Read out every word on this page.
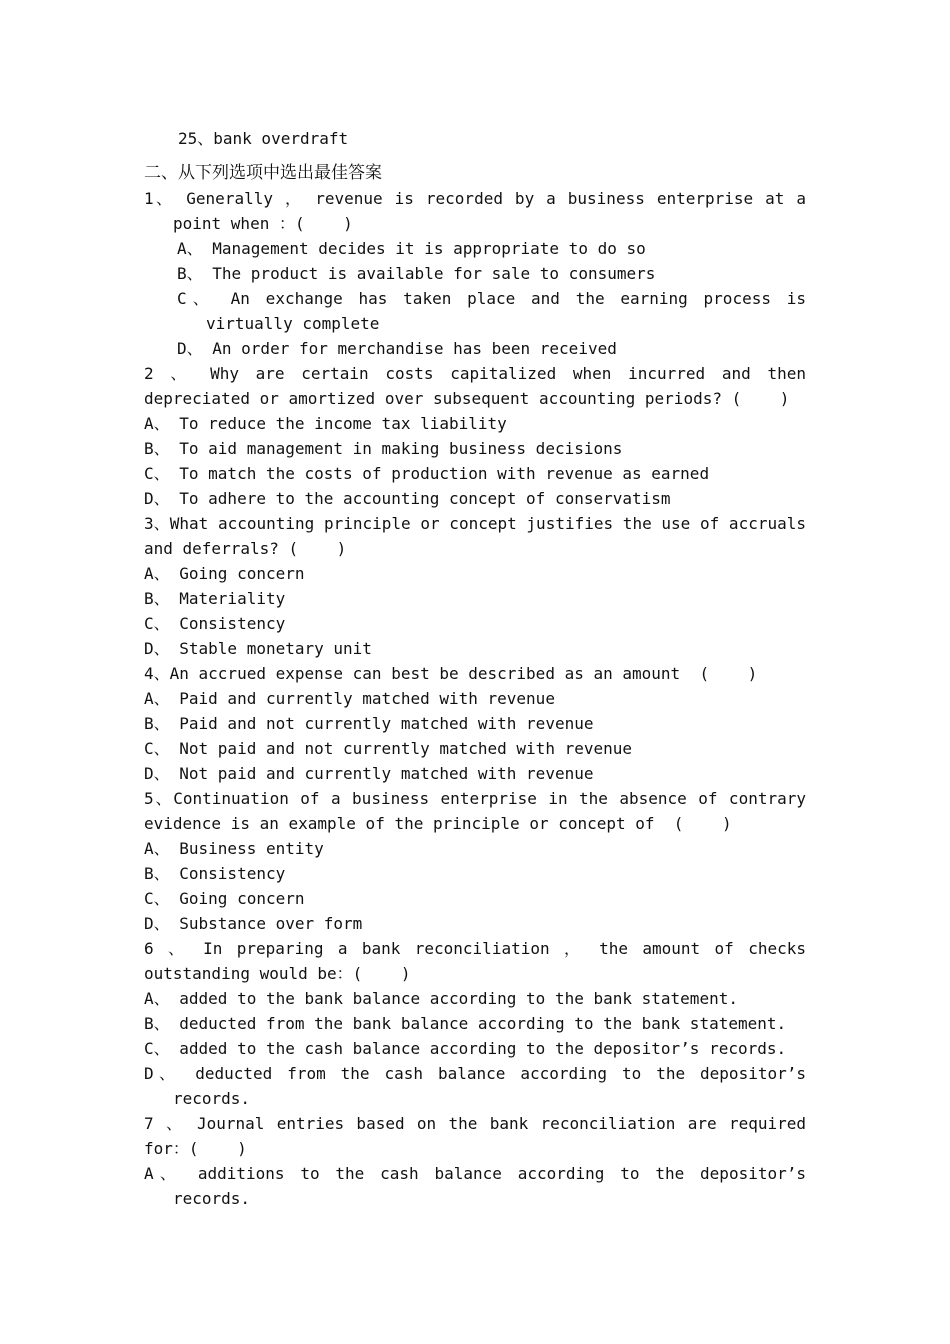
25、bank overdraft

二、从下列选项中选出最佳答案

1、 Generally ， revenue is recorded by a business enterprise at a point when ：(    )

A、 Management decides it is appropriate to do so

B、 The product is available for sale to consumers

C、 An exchange has taken place and the earning process is virtually complete

D、 An order for merchandise has been received

2 、 Why are certain costs capitalized when incurred and then depreciated or amortized over subsequent accounting periods? (    )

A、 To reduce the income tax liability

B、 To aid management in making business decisions

C、 To match the costs of production with revenue as earned

D、 To adhere to the accounting concept of conservatism

3、What accounting principle or concept justifies the use of accruals and deferrals? (    )

A、 Going concern

B、 Materiality

C、 Consistency

D、 Stable monetary unit

4、An accrued expense can best be described as an amount  (    )

A、 Paid and currently matched with revenue

B、 Paid and not currently matched with revenue

C、 Not paid and not currently matched with revenue

D、 Not paid and currently matched with revenue

5、Continuation of a business enterprise in the absence of contrary evidence is an example of the principle or concept of  (    )

A、 Business entity

B、 Consistency

C、 Going concern

D、 Substance over form

6 、 In preparing a bank reconciliation ， the amount of checks outstanding would be：(    )

A、 added to the bank balance according to the bank statement.

B、 deducted from the bank balance according to the bank statement.

C、 added to the cash balance according to the depositor’s records.

D、 deducted from the cash balance according to the depositor’s records.

7 、 Journal entries based on the bank reconciliation are required for：(    )

A、 additions to the cash balance according to the depositor’s records.
